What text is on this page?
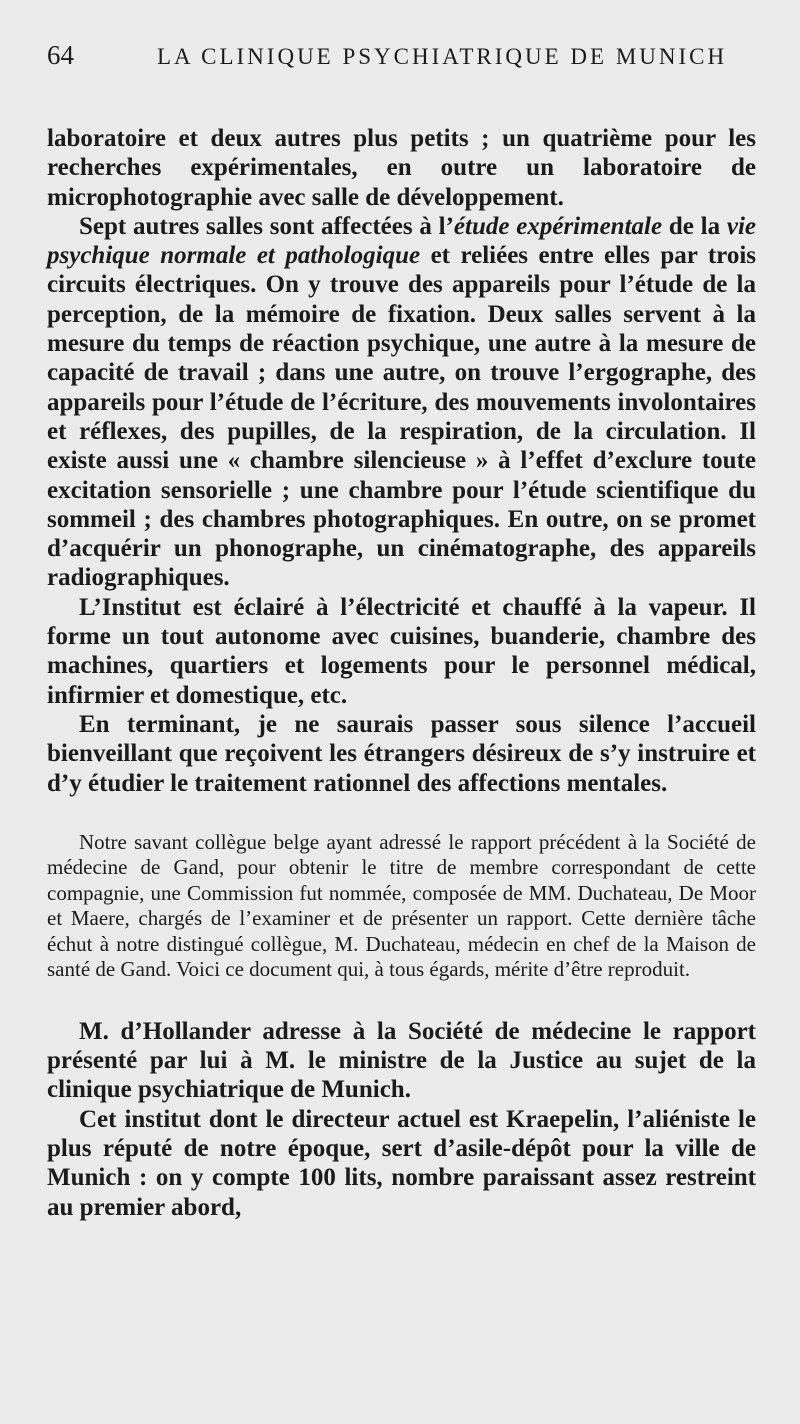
64	LA CLINIQUE PSYCHIATRIQUE DE MUNICH

laboratoire et deux autres plus petits ; un quatrième pour les recherches expérimentales, en outre un laboratoire de microphotographie avec salle de développement.

Sept autres salles sont affectées à l’étude expérimentale de la vie psychique normale et pathologique et reliées entre elles par trois circuits électriques. On y trouve des appareils pour l’étude de la perception, de la mémoire de fixation. Deux salles servent à la mesure du temps de réaction psychique, une autre à la mesure de capacité de travail ; dans une autre, on trouve l’ergographe, des appareils pour l’étude de l’écriture, des mouvements involontaires et réflexes, des pupilles, de la respiration, de la circulation. Il existe aussi une « chambre silencieuse » à l’effet d’exclure toute excitation sensorielle ; une chambre pour l’étude scientifique du sommeil ; des chambres photographiques. En outre, on se promet d’acquérir un phonographe, un cinématographe, des appareils radiographiques.

L’Institut est éclairé à l’électricité et chauffé à la vapeur. Il forme un tout autonome avec cuisines, buanderie, chambre des machines, quartiers et logements pour le personnel médical, infirmier et domestique, etc.

En terminant, je ne saurais passer sous silence l’accueil bienveillant que reçoivent les étrangers désireux de s’y instruire et d’y étudier le traitement rationnel des affections mentales.

Notre savant collègue belge ayant adressé le rapport précédent à la Société de médecine de Gand, pour obtenir le titre de membre correspondant de cette compagnie, une Commission fut nommée, composée de MM. Duchateau, De Moor et Maere, chargés de l’examiner et de présenter un rapport. Cette dernière tâche échut à notre distingué collègue, M. Duchateau, médecin en chef de la Maison de santé de Gand. Voici ce document qui, à tous égards, mérite d’être reproduit.

M. d’Hollander adresse à la Société de médecine le rapport présenté par lui à M. le ministre de la Justice au sujet de la clinique psychiatrique de Munich.

Cet institut dont le directeur actuel est Kraepelin, l’aliéniste le plus réputé de notre époque, sert d’asile-dépôt pour la ville de Munich : on y compte 100 lits, nombre paraissant assez restreint au premier abord,
